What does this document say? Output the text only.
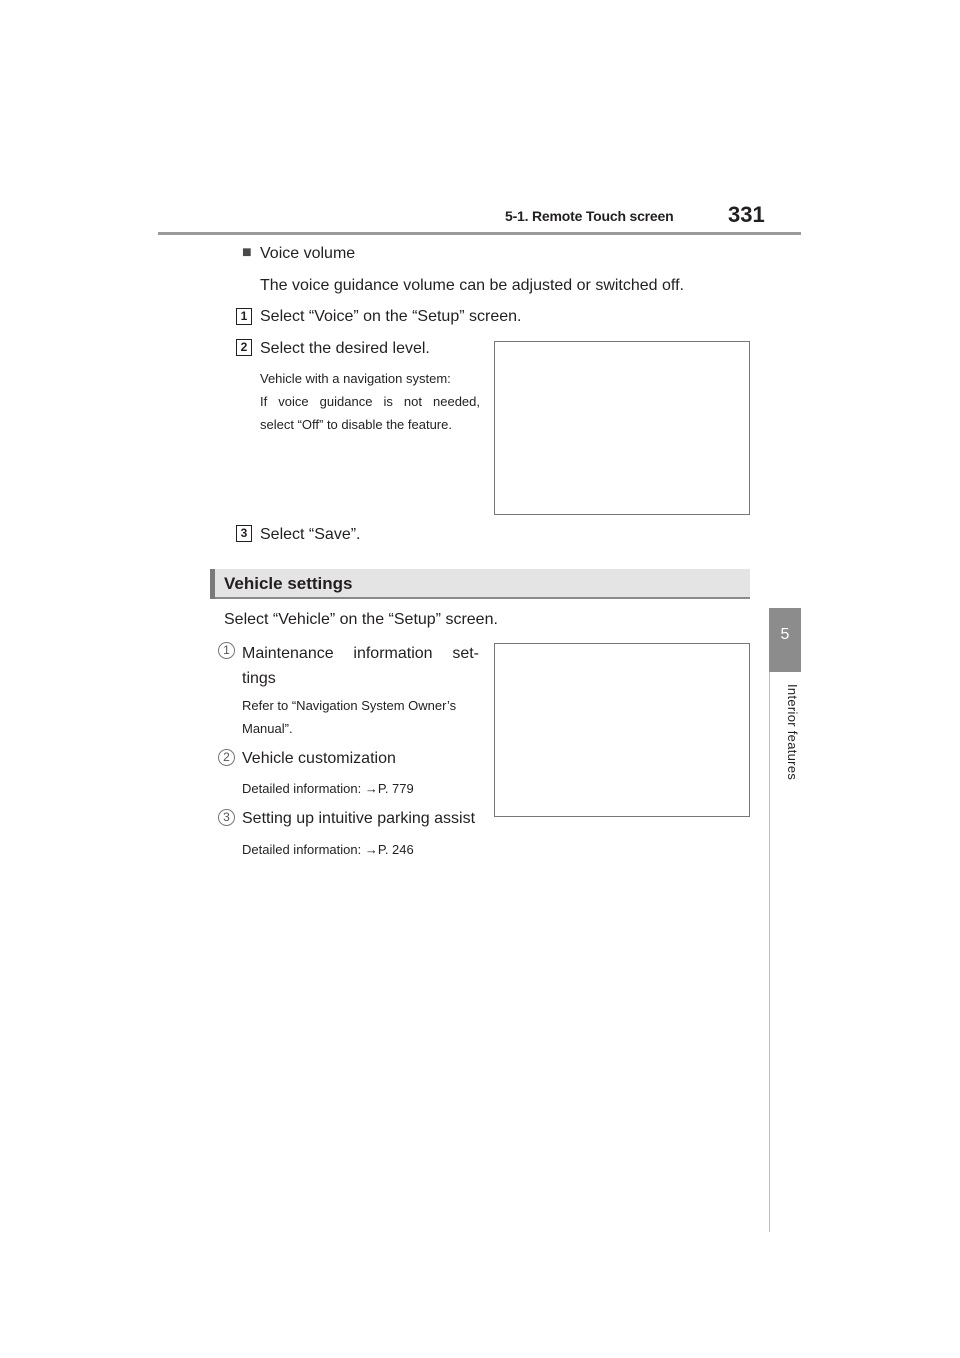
5-1. Remote Touch screen 331
5
Interior features
■ Voice volume
The voice guidance volume can be adjusted or switched off.
1 Select “Voice” on the “Setup” screen.
2 Select the desired level.
Vehicle with a navigation system:
If voice guidance is not needed,
select “Off” to disable the feature.
3 Select “Save”.
Vehicle settings
Select “Vehicle” on the “Setup” screen.
1 Maintenance information set-
tings
Refer to “Navigation System Owner’s
Manual”.
2 Vehicle customization
Detailed information: →P. 779
3 Setting up intuitive parking assist
Detailed information: →P. 246
